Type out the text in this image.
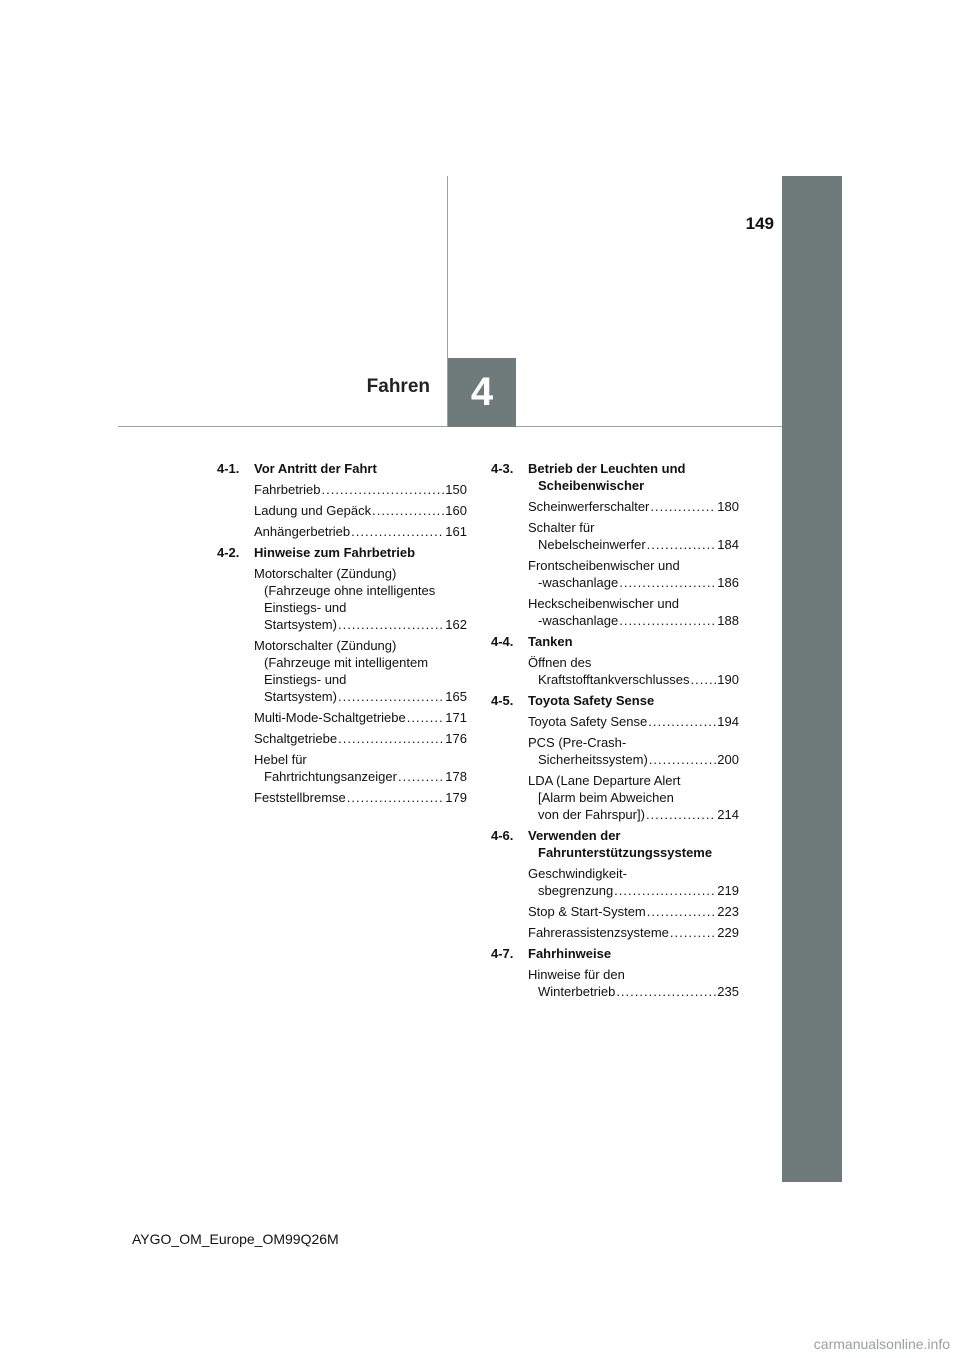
149
4
Fahren
4-1.	Vor Antritt der Fahrt
Fahrbetrieb .....	150
Ladung und Gepäck .....	160
Anhängerbetrieb .....	161
4-2.	Hinweise zum Fahrbetrieb
Motorschalter (Zündung)
(Fahrzeuge ohne intelligentes
Einstiegs- und
Startsystem) .....	162
Motorschalter (Zündung)
(Fahrzeuge mit intelligentem
Einstiegs- und
Startsystem) .....	165
Multi-Mode-Schaltgetriebe .....	171
Schaltgetriebe .....	176
Hebel für
Fahrtrichtungsanzeiger .....	178
Feststellbremse .....	179
4-3.	Betrieb der Leuchten und
Scheibenwischer
Scheinwerferschalter .....	180
Schalter für
Nebelscheinwerfer .....	184
Frontscheibenwischer und
-waschanlage .....	186
Heckscheibenwischer und
-waschanlage .....	188
4-4.	Tanken
Öffnen des
Kraftstofftankverschlusses ..... 190
4-5.	Toyota Safety Sense
Toyota Safety Sense .....	194
PCS (Pre-Crash-
Sicherheitssystem) .....	200
LDA (Lane Departure Alert
[Alarm beim Abweichen
von der Fahrspur]) .....	214
4-6.	Verwenden der
Fahrunterstützungssysteme
Geschwindigkeit-
sbegrenzung .....	219
Stop & Start-System .....	223
Fahrerassistenzsysteme .....	229
4-7.	Fahrhinweise
Hinweise für den
Winterbetrieb .....	235
AYGO_OM_Europe_OM99Q26M
carmanualsonline.info
